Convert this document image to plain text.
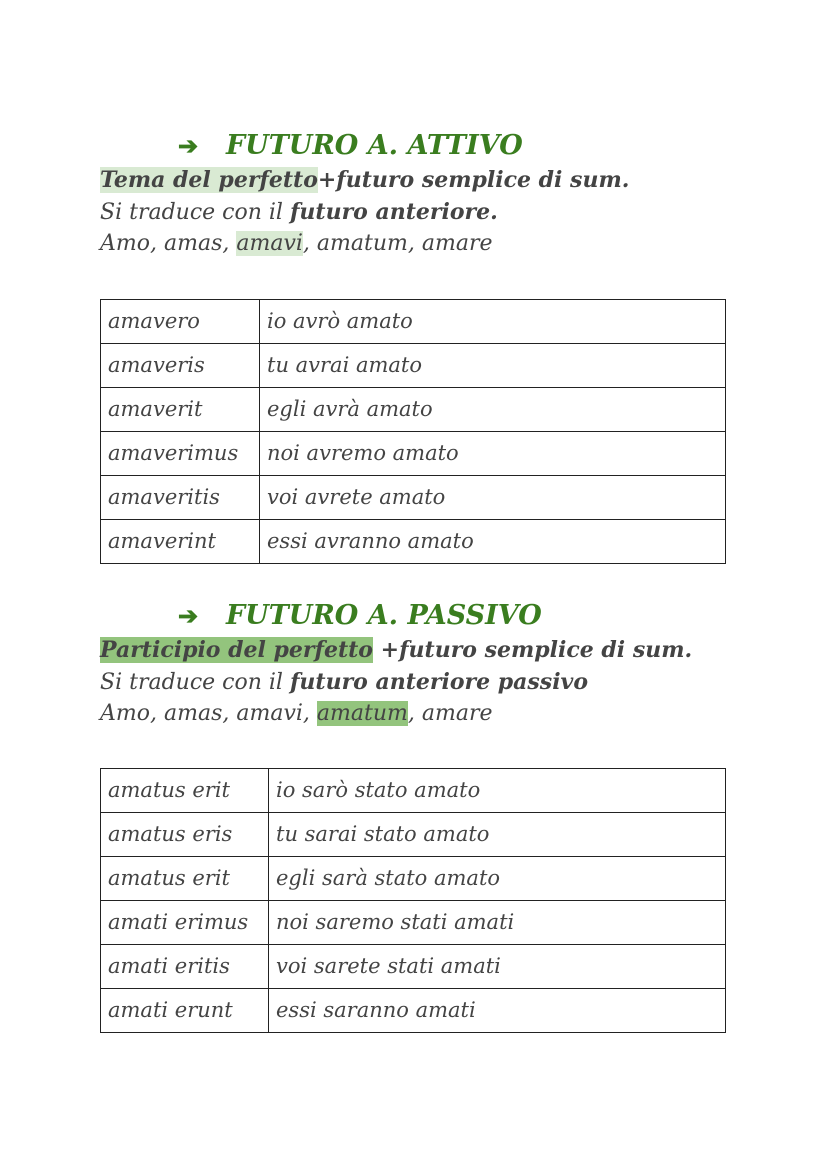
➔ FUTURO A. ATTIVO

Tema del perfetto+futuro semplice di sum.

Si traduce con il futuro anteriore.

Amo, amas, amavi, amatum, amare

amavero	io avrò amato
amaveris	tu avrai amato
amaverit	egli avrà amato
amaverimus	noi avremo amato
amaveritis	voi avrete amato
amaverint	essi avranno amato

➔ FUTURO A. PASSIVO

Participio del perfetto +futuro semplice di sum.

Si traduce con il futuro anteriore passivo

Amo, amas, amavi, amatum, amare

amatus erit	io sarò stato amato
amatus eris	tu sarai stato amato
amatus erit	egli sarà stato amato
amati erimus	noi saremo stati amati
amati eritis	voi sarete stati amati
amati erunt	essi saranno amati
